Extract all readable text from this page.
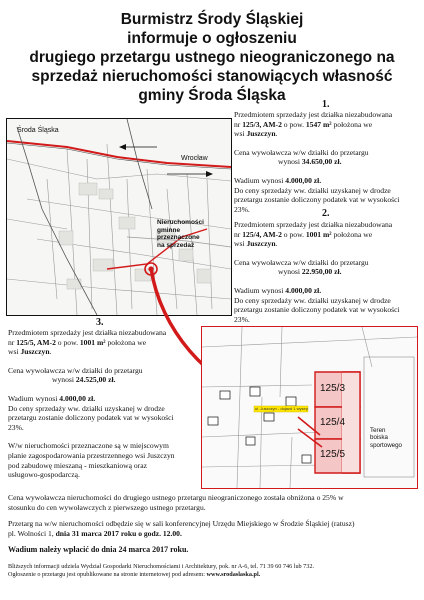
Burmistrz Środy Śląskiej
informuje o ogłoszeniu
drugiego przetargu ustnego nieograniczonego na
sprzedaż nieruchomości stanowiących własność
gminy Środa Śląska
Środa Śląska
Wrocław
Nieruchomości
gminne
przeznaczone
na sprzedaż
1.
Przedmiotem sprzedaży jest działka niezabudowana
nr 125/3, AM-2 o pow. 1547 m² położona we
wsi Juszczyn.
Cena wywoławcza w/w działki do przetargu
wynosi 34.650,00 zł.
Wadium wynosi 4.000,00 zł.
Do ceny sprzedaży ww. działki uzyskanej w drodze
przetargu zostanie doliczony podatek vat w wysokości
23%.	2.
Przedmiotem sprzedaży jest działka niezabudowana
nr 125/4, AM-2 o pow. 1001 m² położona we
wsi Juszczyn.
Cena wywoławcza w/w działki do przetargu
wynosi 22.950,00 zł.
Wadium wynosi 4.000,00 zł.
Do ceny sprzedaży ww. działki uzyskanej w drodze
przetargu zostanie doliczony podatek vat w wysokości
23%.
3.
Przedmiotem sprzedaży jest działka niezabudowana
nr 125/5, AM-2 o pow. 1001 m² położona we
wsi Juszczyn.
Cena wywoławcza w/w działki do przetargu
wynosi 24.525,00 zł.
Wadium wynosi 4.000,00 zł.
Do ceny sprzedaży ww. działki uzyskanej w drodze
przetargu zostanie doliczony podatek vat w wysokości
23%.
W/w nieruchomości przeznaczone są w miejscowym
planie zagospodarowania przestrzennego wsi Juszczyn
pod zabudowę mieszaną - mieszkaniową oraz
usługowo-gospodarczą.
125/3
125/4
125/5
ul. Juszczyn - dojazd 1 wysep
Teren
boiska
sportowego
Cena wywoławcza nieruchomości do drugiego ustnego przetargu nieograniczonego została obniżona o 25% w
stosunku do cen wywoławczych z pierwszego ustnego przetargu.
Przetarg na w/w nieruchomości odbędzie się w sali konferencyjnej Urzędu Miejskiego w Środzie Śląskiej (ratusz)
pl. Wolności 1, dnia 31 marca 2017 roku o godz. 12.00.
Wadium należy wpłacić do dnia 24 marca 2017 roku.
Bliższych informacji udziela Wydział Gospodarki Nieruchomościami i Architektury, pok. nr A-6, tel. 71 39 60 746 lub 732.
Ogłoszenie o przetargu jest opublikowane na stronie internetowej pod adresem: www.srodaslaska.pl.
